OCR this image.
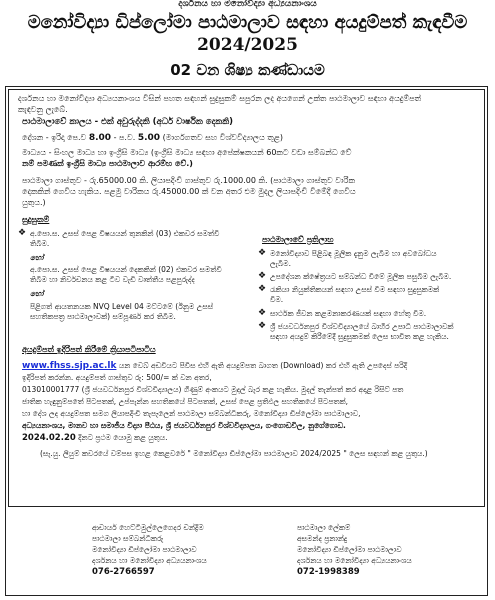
දර්ශනය හා මනෝවිද්‍යා අධ්‍යයනාංශය
මනෝවිද්‍යා ඩිප්ලෝමා පාඨමාලාව සඳහා අයදුම්පත් කැඳවීම
2024/2025
02 වන ශිෂ්‍ය කණ්ඩායම
දර්ශනය හා මනෝවිද්‍යා අධ්‍යයනාංශය විසින් පහත සඳහන් සුදුසුකම් සපුරන ලද අයගෙන් උක්ත පාඨමාලාව සඳහා අයදුම්පත්
කැඳවනු ලැබේ.
පාඨමාලාවේ කාලය - එක් අවුරුද්දකි (අර්ධ වාර්ෂික දෙකකි)
දේශන - ඉරිදා පෙ.ව 8.00 - ප.ව. 5.00 (මාර්ගගතව සහ විශ්වවිද්‍යාලය තුළ)
මාධ්‍යය - සිංහල මාධ්‍ය හා ඉංග්‍රීසි මාධ්‍ය (ඉංග්‍රීසි මාධ්‍ය සඳහා අපේක්ෂකයන් 60කට වඩා සම්බන්ධ වේ
නම් පමණක් ඉංග්‍රීසි මාධ්‍ය පාඨමාලාව ආරම්භ වේ.)
පාඨමාලා ගාස්තුව - රු.65000.00 කි. ලියාපදිංචි ගාස්තුව රු.1000.00 කි. (පාඨමාලා ගාස්තුව වාරික
දෙකකින් ගෙවිය හැකිය. පළමු වාරිකය රු.45000.00 ක් වන අතර එම මුදල ලියාපදිංචි වීමේදී ගෙවිය
යුතුය.)
සුදුසුකම්
❖ අ.පො.ස. උසස් පෙළ විෂයයන් තුනකින් (03) එකවර සමත්වී
තිබීම.
හෝ
අ.පො.ස. උසස් පෙළ විෂයයන් දෙකකින් (02) එකවර සමත්වී
තිබීම හා නිර්වචනය කළ ටීව වැඩි වෘත්තීය පළපුරුද්ද
හෝ
පිළිගත් ආයතනයක NVQ Level 04 මට්ටමේ (ඊනුම උසස්
සහතිකපත්‍ර පාඨමාලාවක්) සම්පූර්ණ කර තිබීම.
පාඨමාලාවේ ප්‍රතිලාභ
❖ මනෝවිද්‍යාව පිළිබඳ මූලික දැනුම ලැබීම හා අවබෝධය
ලැබීම.
❖ උපදේශන ක්ෂේත්‍රයට සම්බන්ධ වීමේ මූලික පසුබිම ලැබීම.
❖ රැකියා නියුක්තිකයන් සඳහා උසස් වීම සඳහා සුදුසුකමක්
වීම.
❖ සාර්ථක ජීවන කළමනාකරණයක් සඳහා හේතු වීම.
❖ ශ්‍රී ජයවර්ධනපුර විශ්වවිද්‍යාලයේ බාහිර උපාධි පාඨමාලාවක්
සඳහා අයදුම් කිරීමේදී සුදුසුකමක් ලෙස භාවිත කළ හැකිය.
අයදුම්පත් ඉදිරිපත් කිරීමේ ක්‍රියාපටිපාටිය
www.fhss.sjp.ac.lk යන වෙබ් අඩවියට පිවිස එහි ඇති අයදුම්පත බාගත (Download) කර එහි ඇති උපදෙස් පරිදි
ඉදිරිපත් කරන්න. අයදුම්පත් ගාස්තුව රු: 500/= ක් වන අතර,
013010001777 (ශ්‍රී ජයවර්ධනපුර විශ්වවිද්‍යාලය) ගිණුම් අංකයට මුදල් බැර කළ හැකිය. මුදල් තැන්පත් කර අදාළ රිසිට් පත
ජාතික හැඳුනුම්පතේ පිටපතක්, උප්පැන්න සහතිකයේ පිටපතක්, උසස් පෙළ ප්‍රතිඵල සහතිකයේ පිටපතක්,
හා දේශ ලද අයදුම්පත සමග ලියාපදිංචි තැපෑලෙන් පාඨමාලා සම්බන්ධීකරු, මනෝවිද්‍යා ඩිප්ලෝමා පාඨමාලාව,
අධ්‍යයනාංශය, මානව හා සමාජීය විද්‍යා පීඨය, ශ්‍රී ජයවර්ධනපුර විශ්වවිද්‍යාලය, ගංගොඩවිල, නුගේගොඩ.
2024.02.20 දිනට ප්‍රථම යොමු කළ යුතුය.
(සැ.යු. ලියුම් කවරයේ වම්පස ඉහළ කෙළවරේ " මනෝවිද්‍යා ඩිප්ලෝමා පාඨමාලාව 2024/2025 " ලෙස සඳහන් කළ යුතුය.)
ආචාර්ය හෙට්ටිමුල්ලෙගෙදර චන්ද්‍රිම
පාඨමාලා සම්බන්ධීකරු
මනෝවිද්‍යා ඩිප්ලෝමා පාඨමාලාව
දර්ශනය හා මනෝවිද්‍යා අධ්‍යයනාංශය
076-2766597
පාඨමාලා ලේකම්
අසමන්ද ප්‍රනාන්දු
මනෝවිද්‍යා ඩිප්ලෝමා පාඨමාලාව
දර්ශනය හා මනෝවිද්‍යා අධ්‍යයනාංශය
072-1998389
